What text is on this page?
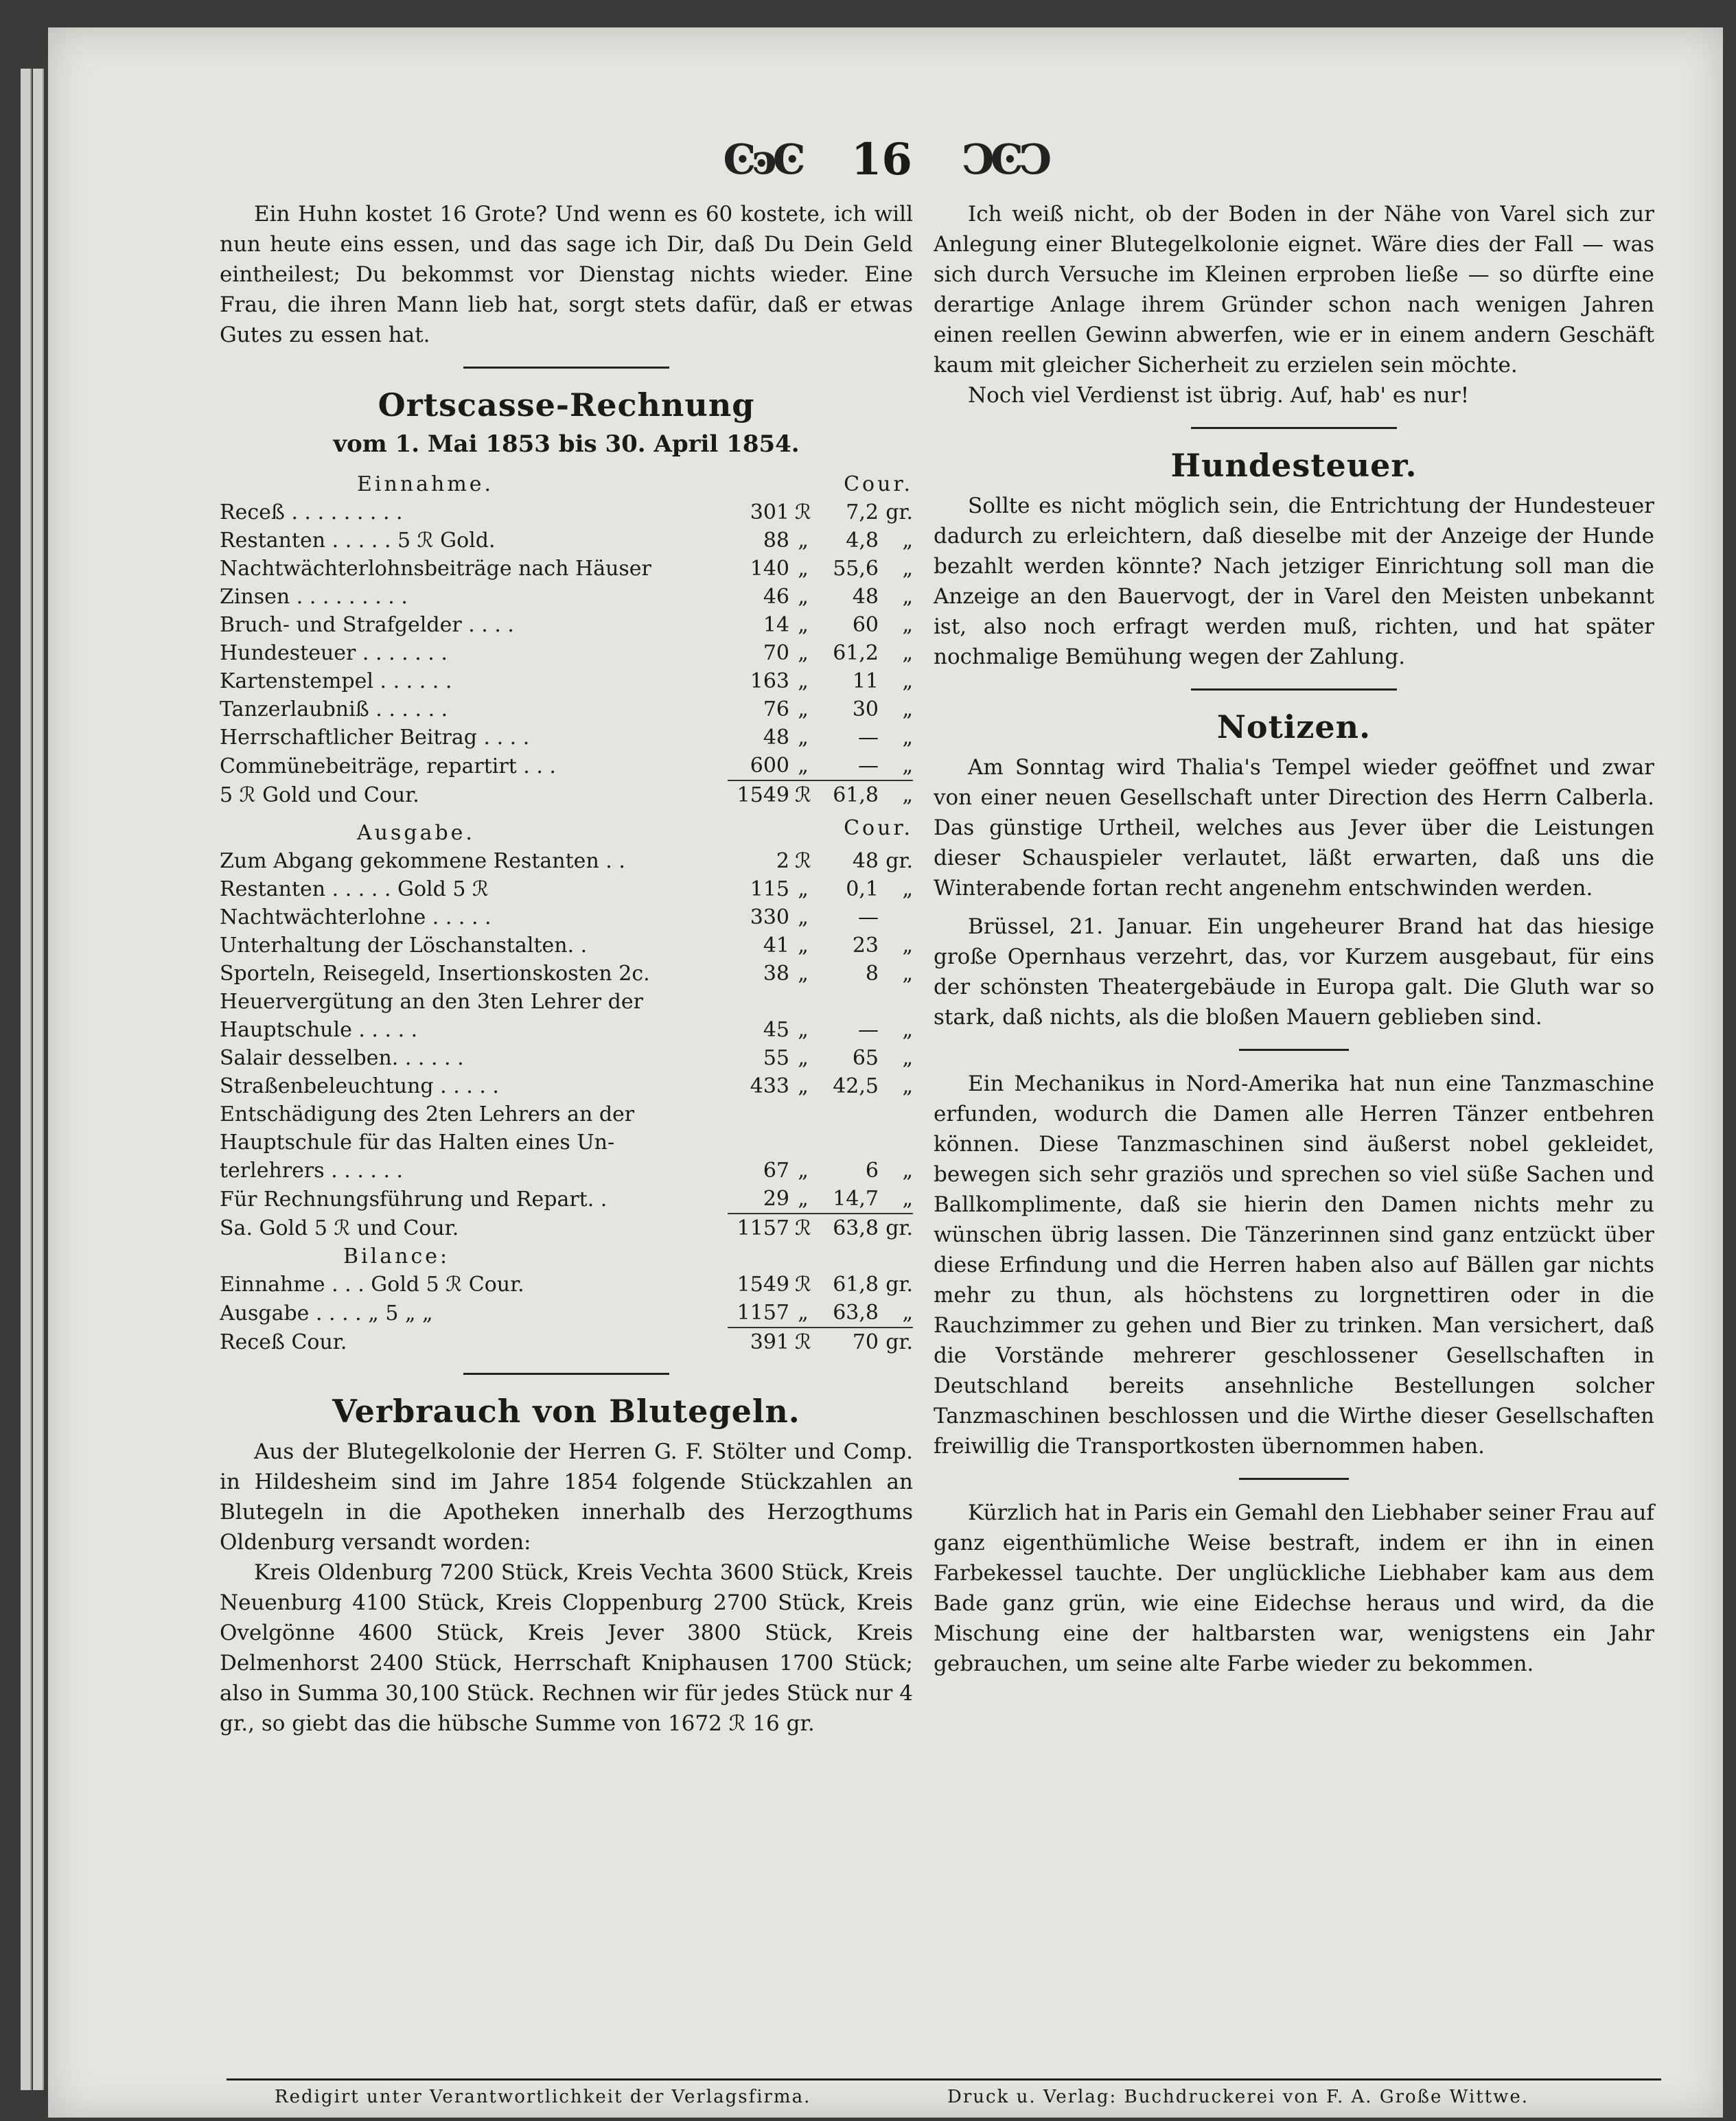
ϾͽϾ 16 ϽϾϽ

Ein Huhn kostet 16 Grote? Und wenn es 60 kostete, ich will nun heute eins essen, und das sage ich Dir, daß Du Dein Geld eintheilest; Du bekommst vor Dienstag nichts wieder. Eine Frau, die ihren Mann lieb hat, sorgt stets dafür, daß er etwas Gutes zu essen hat.

Ortscasse-Rechnung
vom 1. Mai 1853 bis 30. April 1854.
Einnahme.			Cour.	
Receß . . . . . . . . .	301	ℛ	7,2	gr.
Restanten . . . . . 5 ℛ Gold.	88	„	4,8	„
Nachtwächterlohnsbeiträge nach Häuser	140	„	55,6	„
Zinsen . . . . . . . . .	46	„	48	„
Bruch- und Strafgelder . . . .	14	„	60	„
Hundesteuer . . . . . . .	70	„	61,2	„
Kartenstempel . . . . . .	163	„	11	„
Tanzerlaubniß . . . . . .	76	„	30	„
Herrschaftlicher Beitrag . . . .	48	„	—	„
Commünebeiträge, repartirt . . .	600	„	—	„
5 ℛ Gold und Cour.	1549	ℛ	61,8	„
Ausgabe.			Cour.	
Zum Abgang gekommene Restanten . .	2	ℛ	48	gr.
Restanten . . . . . Gold 5 ℛ	115	„	0,1	„
Nachtwächterlohne . . . . .	330	„	—	
Unterhaltung der Löschanstalten. .	41	„	23	„
Sporteln, Reisegeld, Insertionskosten 2c.	38	„	8	„
Heuervergütung an den 3ten Lehrer der				
Hauptschule . . . . .	45	„	—	„
Salair desselben. . . . . .	55	„	65	„
Straßenbeleuchtung . . . . .	433	„	42,5	„
Entschädigung des 2ten Lehrers an der				
Hauptschule für das Halten eines Un-				
terlehrers . . . . . .	67	„	6	„
Für Rechnungsführung und Repart. .	29	„	14,7	„
Sa. Gold 5 ℛ und Cour.	1157	ℛ	63,8	gr.
Bilance:				
Einnahme . . . Gold 5 ℛ Cour.	1549	ℛ	61,8	gr.
Ausgabe . . . . „ 5 „ „	1157	„	63,8	„
Receß Cour.	391	ℛ	70	gr.
Verbrauch von Blutegeln.

Aus der Blutegelkolonie der Herren G. F. Stölter und Comp. in Hildesheim sind im Jahre 1854 folgende Stückzahlen an Blutegeln in die Apotheken innerhalb des Herzogthums Oldenburg versandt worden:

Kreis Oldenburg 7200 Stück, Kreis Vechta 3600 Stück, Kreis Neuenburg 4100 Stück, Kreis Cloppenburg 2700 Stück, Kreis Ovelgönne 4600 Stück, Kreis Jever 3800 Stück, Kreis Delmenhorst 2400 Stück, Herrschaft Kniphausen 1700 Stück; also in Summa 30,100 Stück. Rechnen wir für jedes Stück nur 4 gr., so giebt das die hübsche Summe von 1672 ℛ 16 gr.

Ich weiß nicht, ob der Boden in der Nähe von Varel sich zur Anlegung einer Blutegelkolonie eignet. Wäre dies der Fall — was sich durch Versuche im Kleinen erproben ließe — so dürfte eine derartige Anlage ihrem Gründer schon nach wenigen Jahren einen reellen Gewinn abwerfen, wie er in einem andern Geschäft kaum mit gleicher Sicherheit zu erzielen sein möchte.

Noch viel Verdienst ist übrig. Auf, hab' es nur!

Hundesteuer.

Sollte es nicht möglich sein, die Entrichtung der Hundesteuer dadurch zu erleichtern, daß dieselbe mit der Anzeige der Hunde bezahlt werden könnte? Nach jetziger Einrichtung soll man die Anzeige an den Bauervogt, der in Varel den Meisten unbekannt ist, also noch erfragt werden muß, richten, und hat später nochmalige Bemühung wegen der Zahlung.

Notizen.

Am Sonntag wird Thalia's Tempel wieder geöffnet und zwar von einer neuen Gesellschaft unter Direction des Herrn Calberla. Das günstige Urtheil, welches aus Jever über die Leistungen dieser Schauspieler verlautet, läßt erwarten, daß uns die Winterabende fortan recht angenehm entschwinden werden.

Brüssel, 21. Januar. Ein ungeheurer Brand hat das hiesige große Opernhaus verzehrt, das, vor Kurzem ausgebaut, für eins der schönsten Theatergebäude in Europa galt. Die Gluth war so stark, daß nichts, als die bloßen Mauern geblieben sind.

Ein Mechanikus in Nord-Amerika hat nun eine Tanzmaschine erfunden, wodurch die Damen alle Herren Tänzer entbehren können. Diese Tanzmaschinen sind äußerst nobel gekleidet, bewegen sich sehr graziös und sprechen so viel süße Sachen und Ballkomplimente, daß sie hierin den Damen nichts mehr zu wünschen übrig lassen. Die Tänzerinnen sind ganz entzückt über diese Erfindung und die Herren haben also auf Bällen gar nichts mehr zu thun, als höchstens zu lorgnettiren oder in die Rauchzimmer zu gehen und Bier zu trinken. Man versichert, daß die Vorstände mehrerer geschlossener Gesellschaften in Deutschland bereits ansehnliche Bestellungen solcher Tanzmaschinen beschlossen und die Wirthe dieser Gesellschaften freiwillig die Transportkosten übernommen haben.

Kürzlich hat in Paris ein Gemahl den Liebhaber seiner Frau auf ganz eigenthümliche Weise bestraft, indem er ihn in einen Farbekessel tauchte. Der unglückliche Liebhaber kam aus dem Bade ganz grün, wie eine Eidechse heraus und wird, da die Mischung eine der haltbarsten war, wenigstens ein Jahr gebrauchen, um seine alte Farbe wieder zu bekommen.

Redigirt unter Verantwortlichkeit der Verlagsfirma.	Druck u. Verlag: Buchdruckerei von F. A. Große Wittwe.
